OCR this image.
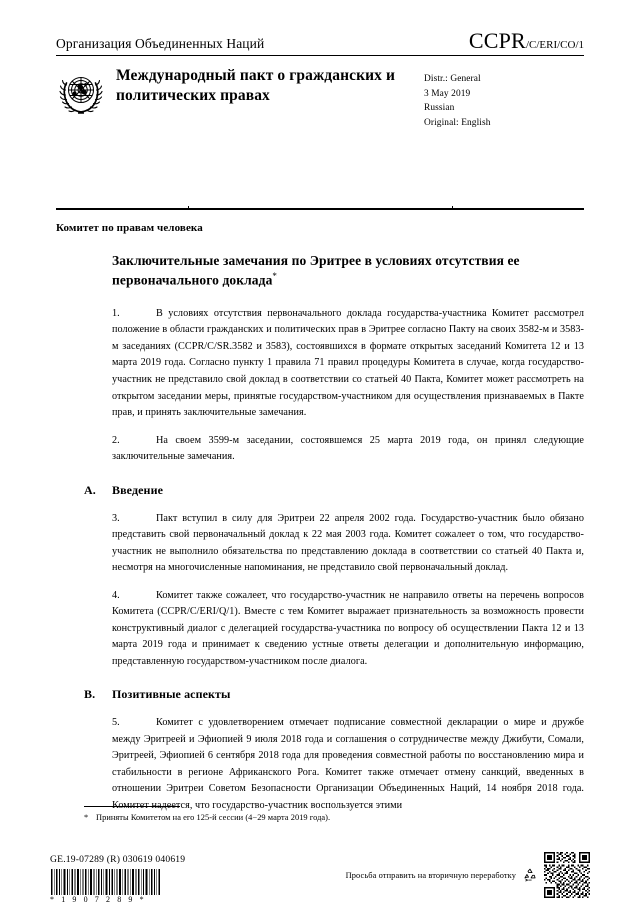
Организация Объединенных Наций	CCPR/C/ERI/CO/1
Международный пакт о гражданских и политических правах
Distr.: General
3 May 2019
Russian
Original: English
Комитет по правам человека
Заключительные замечания по Эритрее в условиях отсутствия ее первоначального доклада*
1.	В условиях отсутствия первоначального доклада государства-участника Комитет рассмотрел положение в области гражданских и политических прав в Эритрее согласно Пакту на своих 3582-м и 3583-м заседаниях (CCPR/C/SR.3582 и 3583), состоявшихся в формате открытых заседаний Комитета 12 и 13 марта 2019 года. Согласно пункту 1 правила 71 правил процедуры Комитета в случае, когда государство-участник не представило свой доклад в соответствии со статьей 40 Пакта, Комитет может рассмотреть на открытом заседании меры, принятые государством-участником для осуществления признаваемых в Пакте прав, и принять заключительные замечания.
2.	На своем 3599-м заседании, состоявшемся 25 марта 2019 года, он принял следующие заключительные замечания.
A.	Введение
3.	Пакт вступил в силу для Эритреи 22 апреля 2002 года. Государство-участник было обязано представить свой первоначальный доклад к 22 мая 2003 года. Комитет сожалеет о том, что государство-участник не выполнило обязательства по представлению доклада в соответствии со статьей 40 Пакта и, несмотря на многочисленные напоминания, не представило свой первоначальный доклад.
4.	Комитет также сожалеет, что государство-участник не направило ответы на перечень вопросов Комитета (CCPR/C/ERI/Q/1). Вместе с тем Комитет выражает признательность за возможность провести конструктивный диалог с делегацией государства-участника по вопросу об осуществлении Пакта 12 и 13 марта 2019 года и принимает к сведению устные ответы делегации и дополнительную информацию, представленную государством-участником после диалога.
B.	Позитивные аспекты
5.	Комитет с удовлетворением отмечает подписание совместной декларации о мире и дружбе между Эритреей и Эфиопией 9 июля 2018 года и соглашения о сотрудничестве между Джибути, Сомали, Эритреей, Эфиопией 6 сентября 2018 года для проведения совместной работы по восстановлению мира и стабильности в регионе Африканского Рога. Комитет также отмечает отмену санкций, введенных в отношении Эритреи Советом Безопасности Организации Объединенных Наций, 14 ноября 2018 года. Комитет надеется, что государство-участник воспользуется этими
* Приняты Комитетом на его 125-й сессии (4−29 марта 2019 года).
GE.19-07289 (R) 030619 040619
* 1 9 0 7 2 8 9 *
Просьба отправить на вторичную переработку
